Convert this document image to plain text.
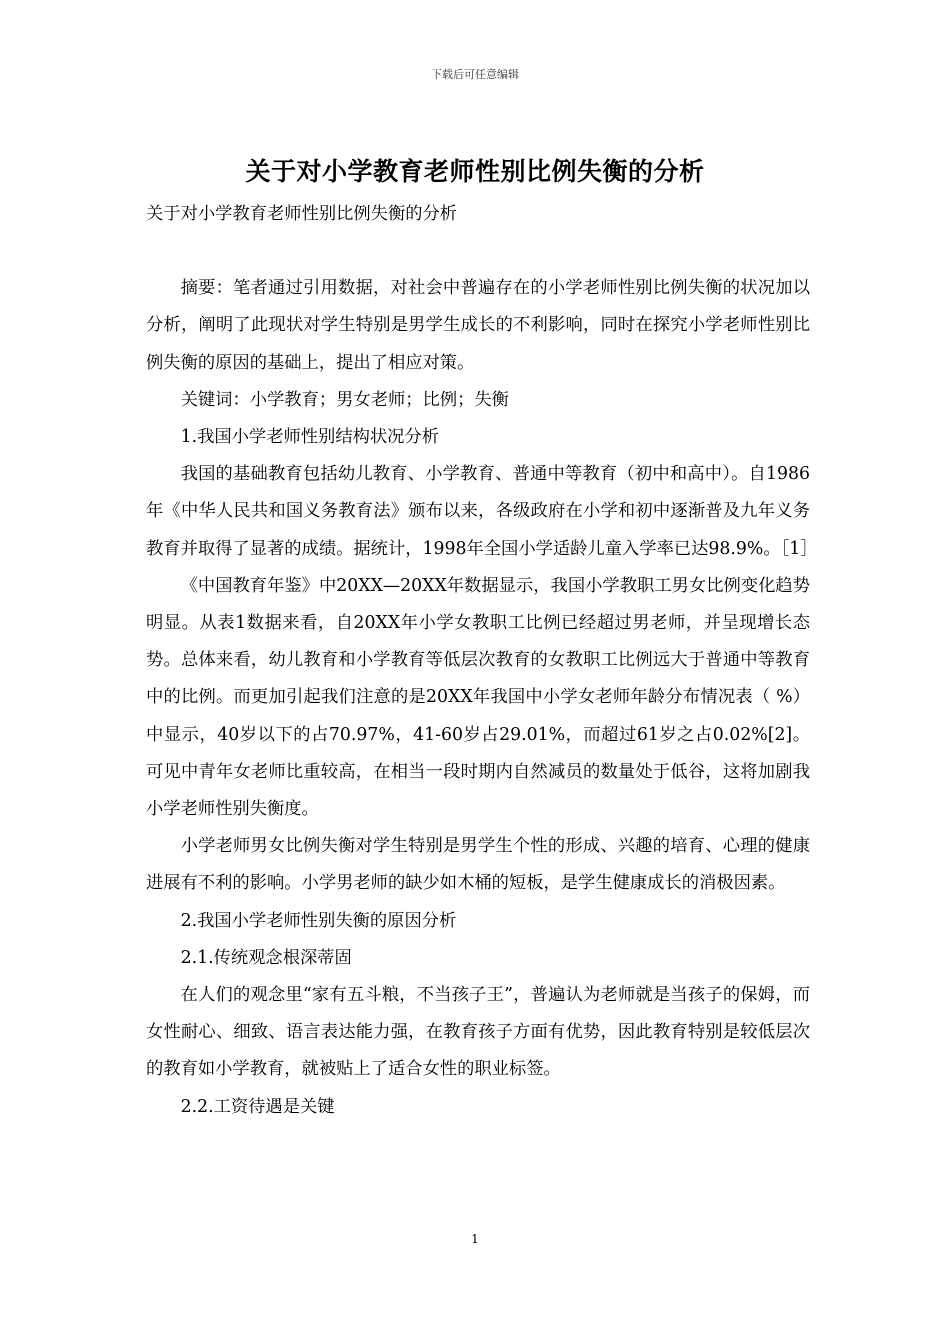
下载后可任意编辑
关于对小学教育老师性别比例失衡的分析

关于对小学教育老师性别比例失衡的分析

摘要：笔者通过引用数据，对社会中普遍存在的小学老师性别比例失衡的状况加以分析，阐明了此现状对学生特别是男学生成长的不利影响，同时在探究小学老师性别比例失衡的原因的基础上，提出了相应对策。

关键词：小学教育；男女老师；比例；失衡

1.我国小学老师性别结构状况分析

我国的基础教育包括幼儿教育、小学教育、普通中等教育（初中和高中）。自1986年《中华人民共和国义务教育法》颁布以来，各级政府在小学和初中逐渐普及九年义务教育并取得了显著的成绩。据统计，1998年全国小学适龄儿童入学率已达98.9%。［1］

《中国教育年鉴》中20XX—20XX年数据显示，我国小学教职工男女比例变化趋势明显。从表1数据来看，自20XX年小学女教职工比例已经超过男老师，并呈现增长态势。总体来看，幼儿教育和小学教育等低层次教育的女教职工比例远大于普通中等教育中的比例。而更加引起我们注意的是20XX年我国中小学女老师年龄分布情况表（ %）中显示，40岁以下的占70.97%，41-60岁占29.01%，而超过61岁之占0.02%[2]。可见中青年女老师比重较高，在相当一段时期内自然减员的数量处于低谷，这将加剧我小学老师性别失衡度。

小学老师男女比例失衡对学生特别是男学生个性的形成、兴趣的培育、心理的健康进展有不利的影响。小学男老师的缺少如木桶的短板，是学生健康成长的消极因素。

2.我国小学老师性别失衡的原因分析

2.1.传统观念根深蒂固

在人们的观念里“家有五斗粮，不当孩子王”，普遍认为老师就是当孩子的保姆，而女性耐心、细致、语言表达能力强，在教育孩子方面有优势，因此教育特别是较低层次的教育如小学教育，就被贴上了适合女性的职业标签。

2.2.工资待遇是关键

1
